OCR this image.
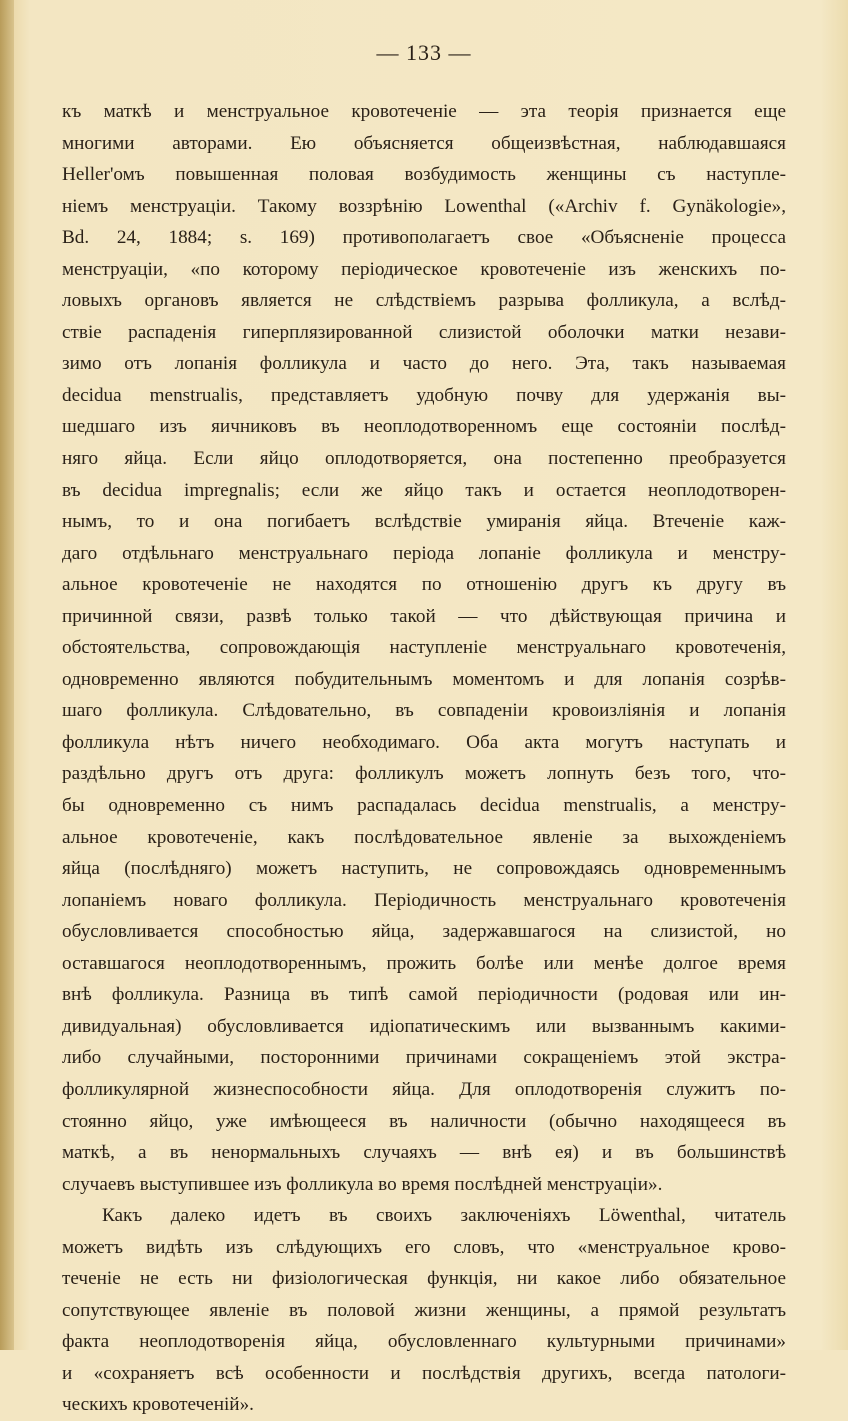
— 133 —
къ маткѣ и менструальное кровотеченіе — эта теорія признается еще
многими авторами. Ею объясняется общеизвѣстная, наблюдавшаяся
Heller'омъ повышенная половая возбудимость женщины съ наступле-
ніемъ менструаціи. Такому воззрѣнію Lowenthal («Archiv f. Gynäkologie»,
Bd. 24, 1884; s. 169) противополагаетъ свое «Объясненіе процесса
менструаціи, «по которому періодическое кровотеченіе изъ женскихъ по-
ловыхъ органовъ является не слѣдствіемъ разрыва фолликула, а вслѣд-
ствіе распаденія гиперплязированной слизистой оболочки матки незави-
зимо отъ лопанія фолликула и часто до него. Эта, такъ называемая
decidua menstrualis, представляетъ удобную почву для удержанія вы-
шедшаго изъ яичниковъ въ неоплодотворенномъ еще состояніи послѣд-
няго яйца. Если яйцо оплодотворяется, она постепенно преобразуется
въ decidua impregnalis; если же яйцо такъ и остается неоплодотворен-
нымъ, то и она погибаетъ вслѣдствіе умиранія яйца. Втеченіе каж-
даго отдѣльнаго менструальнаго періода лопаніе фолликула и менстру-
альное кровотеченіе не находятся по отношенію другъ къ другу въ
причинной связи, развѣ только такой — что дѣйствующая причина и
обстоятельства, сопровождающія наступленіе менструальнаго кровотеченія,
одновременно являются побудительнымъ моментомъ и для лопанія созрѣв-
шаго фолликула. Слѣдовательно, въ совпаденіи кровоизліянія и лопанія
фолликула нѣтъ ничего необходимаго. Оба акта могутъ наступать и
раздѣльно другъ отъ друга: фолликулъ можетъ лопнуть безъ того, что-
бы одновременно съ нимъ распадалась decidua menstrualis, а менстру-
альное кровотеченіе, какъ послѣдовательное явленіе за выхожденіемъ
яйца (послѣдняго) можетъ наступить, не сопровождаясь одновременнымъ
лопаніемъ новаго фолликула. Періодичность менструальнаго кровотеченія
обусловливается способностью яйца, задержавшагося на слизистой, но
оставшагося неоплодотвореннымъ, прожить болѣе или менѣе долгое время
внѣ фолликула. Разница въ типѣ самой періодичности (родовая или ин-
дивидуальная) обусловливается идіопатическимъ или вызваннымъ какими-
либо случайными, посторонними причинами сокращеніемъ этой экстра-
фолликулярной жизнеспособности яйца. Для оплодотворенія служитъ по-
стоянно яйцо, уже имѣющееся въ наличности (обычно находящееся въ
маткѣ, а въ ненормальныхъ случаяхъ — внѣ ея) и въ большинствѣ
случаевъ выступившее изъ фолликула во время послѣдней менструаціи».
Какъ далеко идетъ въ своихъ заключеніяхъ Löwenthal, читатель
можетъ видѣть изъ слѣдующихъ его словъ, что «менструальное крово-
теченіе не есть ни физіологическая функція, ни какое либо обязательное
сопутствующее явленіе въ половой жизни женщины, а прямой результатъ
факта неоплодотворенія яйца, обусловленнаго культурными причинами»
и «сохраняетъ всѣ особенности и послѣдствія другихъ, всегда патологи-
ческихъ кровотеченій».
